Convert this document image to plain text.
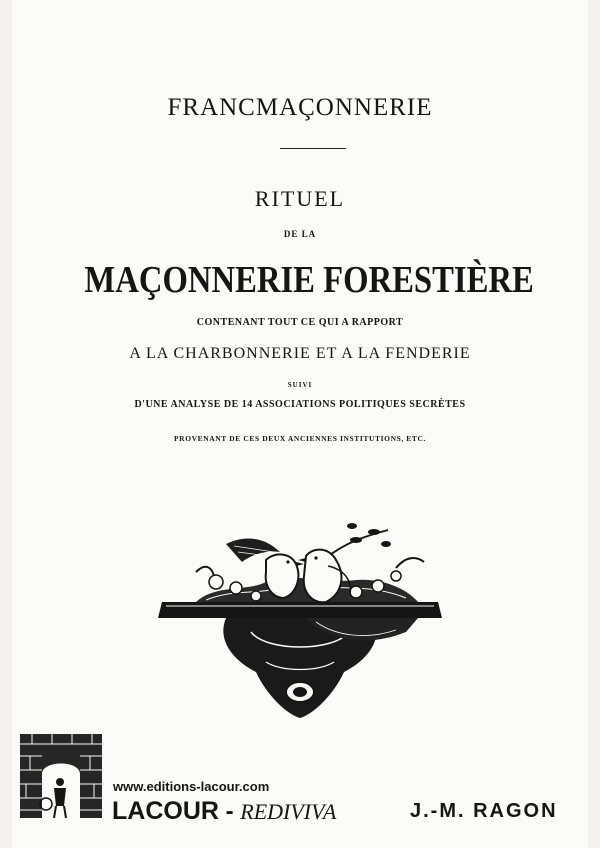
FRANCMAÇONNERIE
RITUEL
DE LA
MAÇONNERIE FORESTIÈRE
CONTENANT TOUT CE QUI A RAPPORT
A LA CHARBONNERIE ET A LA FENDERIE
SUIVI
D'UNE ANALYSE DE 14 ASSOCIATIONS POLITIQUES SECRÈTES
PROVENANT DE CES DEUX ANCIENNES INSTITUTIONS, ETC.
www.editions-lacour.com
LACOUR - REDIVIVA	J.-M. RAGON
